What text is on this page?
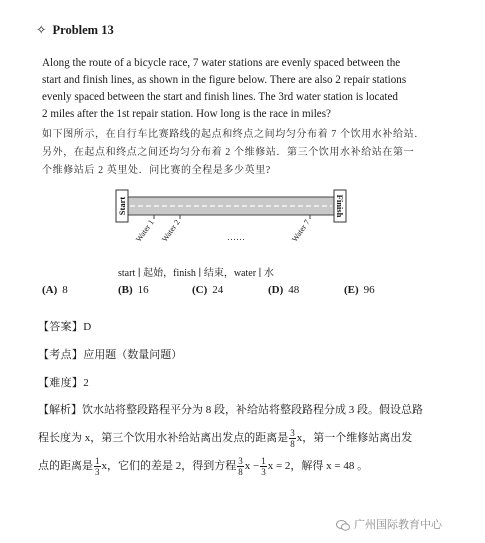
✧ Problem 13
Along the route of a bicycle race, 7 water stations are evenly spaced between the
start and finish lines, as shown in the figure below. There are also 2 repair stations
evenly spaced between the start and finish lines. The 3rd water station is located
2 miles after the 1st repair station. How long is the race in miles?
如下图所示，在自行车比赛路线的起点和终点之间均匀分布着 7 个饮用水补给站．
另外，在起点和终点之间还均匀分布着 2 个维修站．第三个饮用水补给站在第一
个维修站后 2 英里处．问比赛的全程是多少英里?
Start	Finish
Water 1 Water 2	Water 7
……
start ∣ 起始，finish ∣ 结束，water ∣ 水
(A) 8	(B) 16	(C) 24	(D) 48	(E) 96
【答案】D
【考点】应用题（数量问题）
【难度】2
【解析】饮水站将整段路程平分为 8 段，补给站将整段路程分成 3 段。假设总路
程长度为 x，第三个饮用水补给站离出发点的距离是 $\frac{3}{8}$ x，第一个维修站离出发
点的距离是 $\frac{1}{3}$ x，它们的差是 2，得到方程 $\frac{3}{8}$ $x - \frac{1}{3}$ x = 2，解得 x = 48 。
广州国际教育中心
